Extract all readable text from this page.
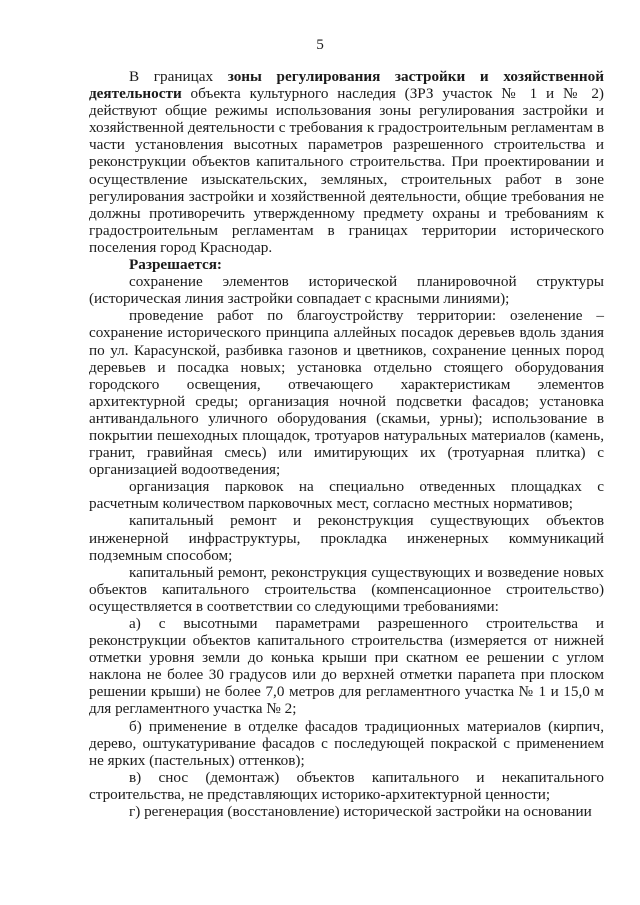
5

В границах зоны регулирования застройки и хозяйственной деятельности объекта культурного наследия (ЗРЗ участок № 1 и № 2) действуют общие режимы использования зоны регулирования застройки и хозяйственной деятельности с требования к градостроительным регламентам в части установления высотных параметров разрешенного строительства и реконструкции объектов капитального строительства. При проектировании и осуществление изыскательских, земляных, строительных работ в зоне регулирования застройки и хозяйственной деятельности, общие требования не должны противоречить утвержденному предмету охраны и требованиям к градостроительным регламентам в границах территории исторического поселения город Краснодар.

Разрешается:

сохранение элементов исторической планировочной структуры (историческая линия застройки совпадает с красными линиями);

проведение работ по благоустройству территории: озеленение – сохранение исторического принципа аллейных посадок деревьев вдоль здания по ул. Карасунской, разбивка газонов и цветников, сохранение ценных пород деревьев и посадка новых; установка отдельно стоящего оборудования городского освещения, отвечающего характеристикам элементов архитектурной среды; организация ночной подсветки фасадов; установка антивандального уличного оборудования (скамьи, урны); использование в покрытии пешеходных площадок, тротуаров натуральных материалов (камень, гранит, гравийная смесь) или имитирующих их (тротуарная плитка) с организацией водоотведения;

организация парковок на специально отведенных площадках с расчетным количеством парковочных мест, согласно местных нормативов;

капитальный ремонт и реконструкция существующих объектов инженерной инфраструктуры, прокладка инженерных коммуникаций подземным способом;

капитальный ремонт, реконструкция существующих и возведение новых объектов капитального строительства (компенсационное строительство) осуществляется в соответствии со следующими требованиями:

а) с высотными параметрами разрешенного строительства и реконструкции объектов капитального строительства (измеряется от нижней отметки уровня земли до конька крыши при скатном ее решении с углом наклона не более 30 градусов или до верхней отметки парапета при плоском решении крыши) не более 7,0 метров для регламентного участка № 1 и 15,0 м для регламентного участка № 2;

б) применение в отделке фасадов традиционных материалов (кирпич, дерево, оштукатуривание фасадов с последующей покраской с применением не ярких (пастельных) оттенков);

в) снос (демонтаж) объектов капитального и некапитального строительства, не представляющих историко-архитектурной ценности;

г) регенерация (восстановление) исторической застройки на основании
